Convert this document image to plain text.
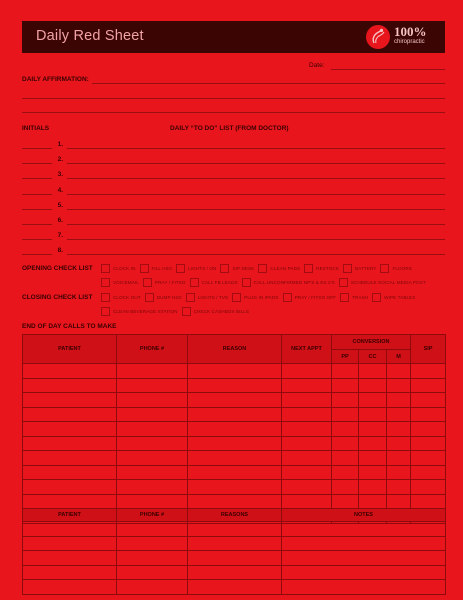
Daily Red Sheet	100%
chiropractic
Date:
DAILY AFFIRMATION:
INITIALS	DAILY “TO DO” LIST (FROM DOCTOR)
1.
2.
3.
4.
5.
6.
7.
8.
OPENING CHECK LIST	CLOCK IN	FILL H2O	LIGHTS / ON	SIP DESK	CLEAN PADS	RESTOCK	BATTERY	FLOORS
VOICEMAIL	PRAY / FITSO	CALL FB LEADS	CALL UNCONFIRMED NP'S & ES 2'S	SCHEDULE SOCIAL MEDIA POST
CLOSING CHECK LIST	CLOCK OUT	DUMP H2O	LIGHTS / TVS	PLUG IN IPADS	PRAY / FITSO OFF	TRASH	WIPE TABLES
CLEAN BEVERAGE STATION	CHECK CASHBOX BILLS
END OF DAY CALLS TO MAKE
PATIENT	PHONE #	REASON	NEXT APPT	CONVERSION			SIP
				PP	CC	M	

PATIENT	PHONE #	REASONS	NOTES
